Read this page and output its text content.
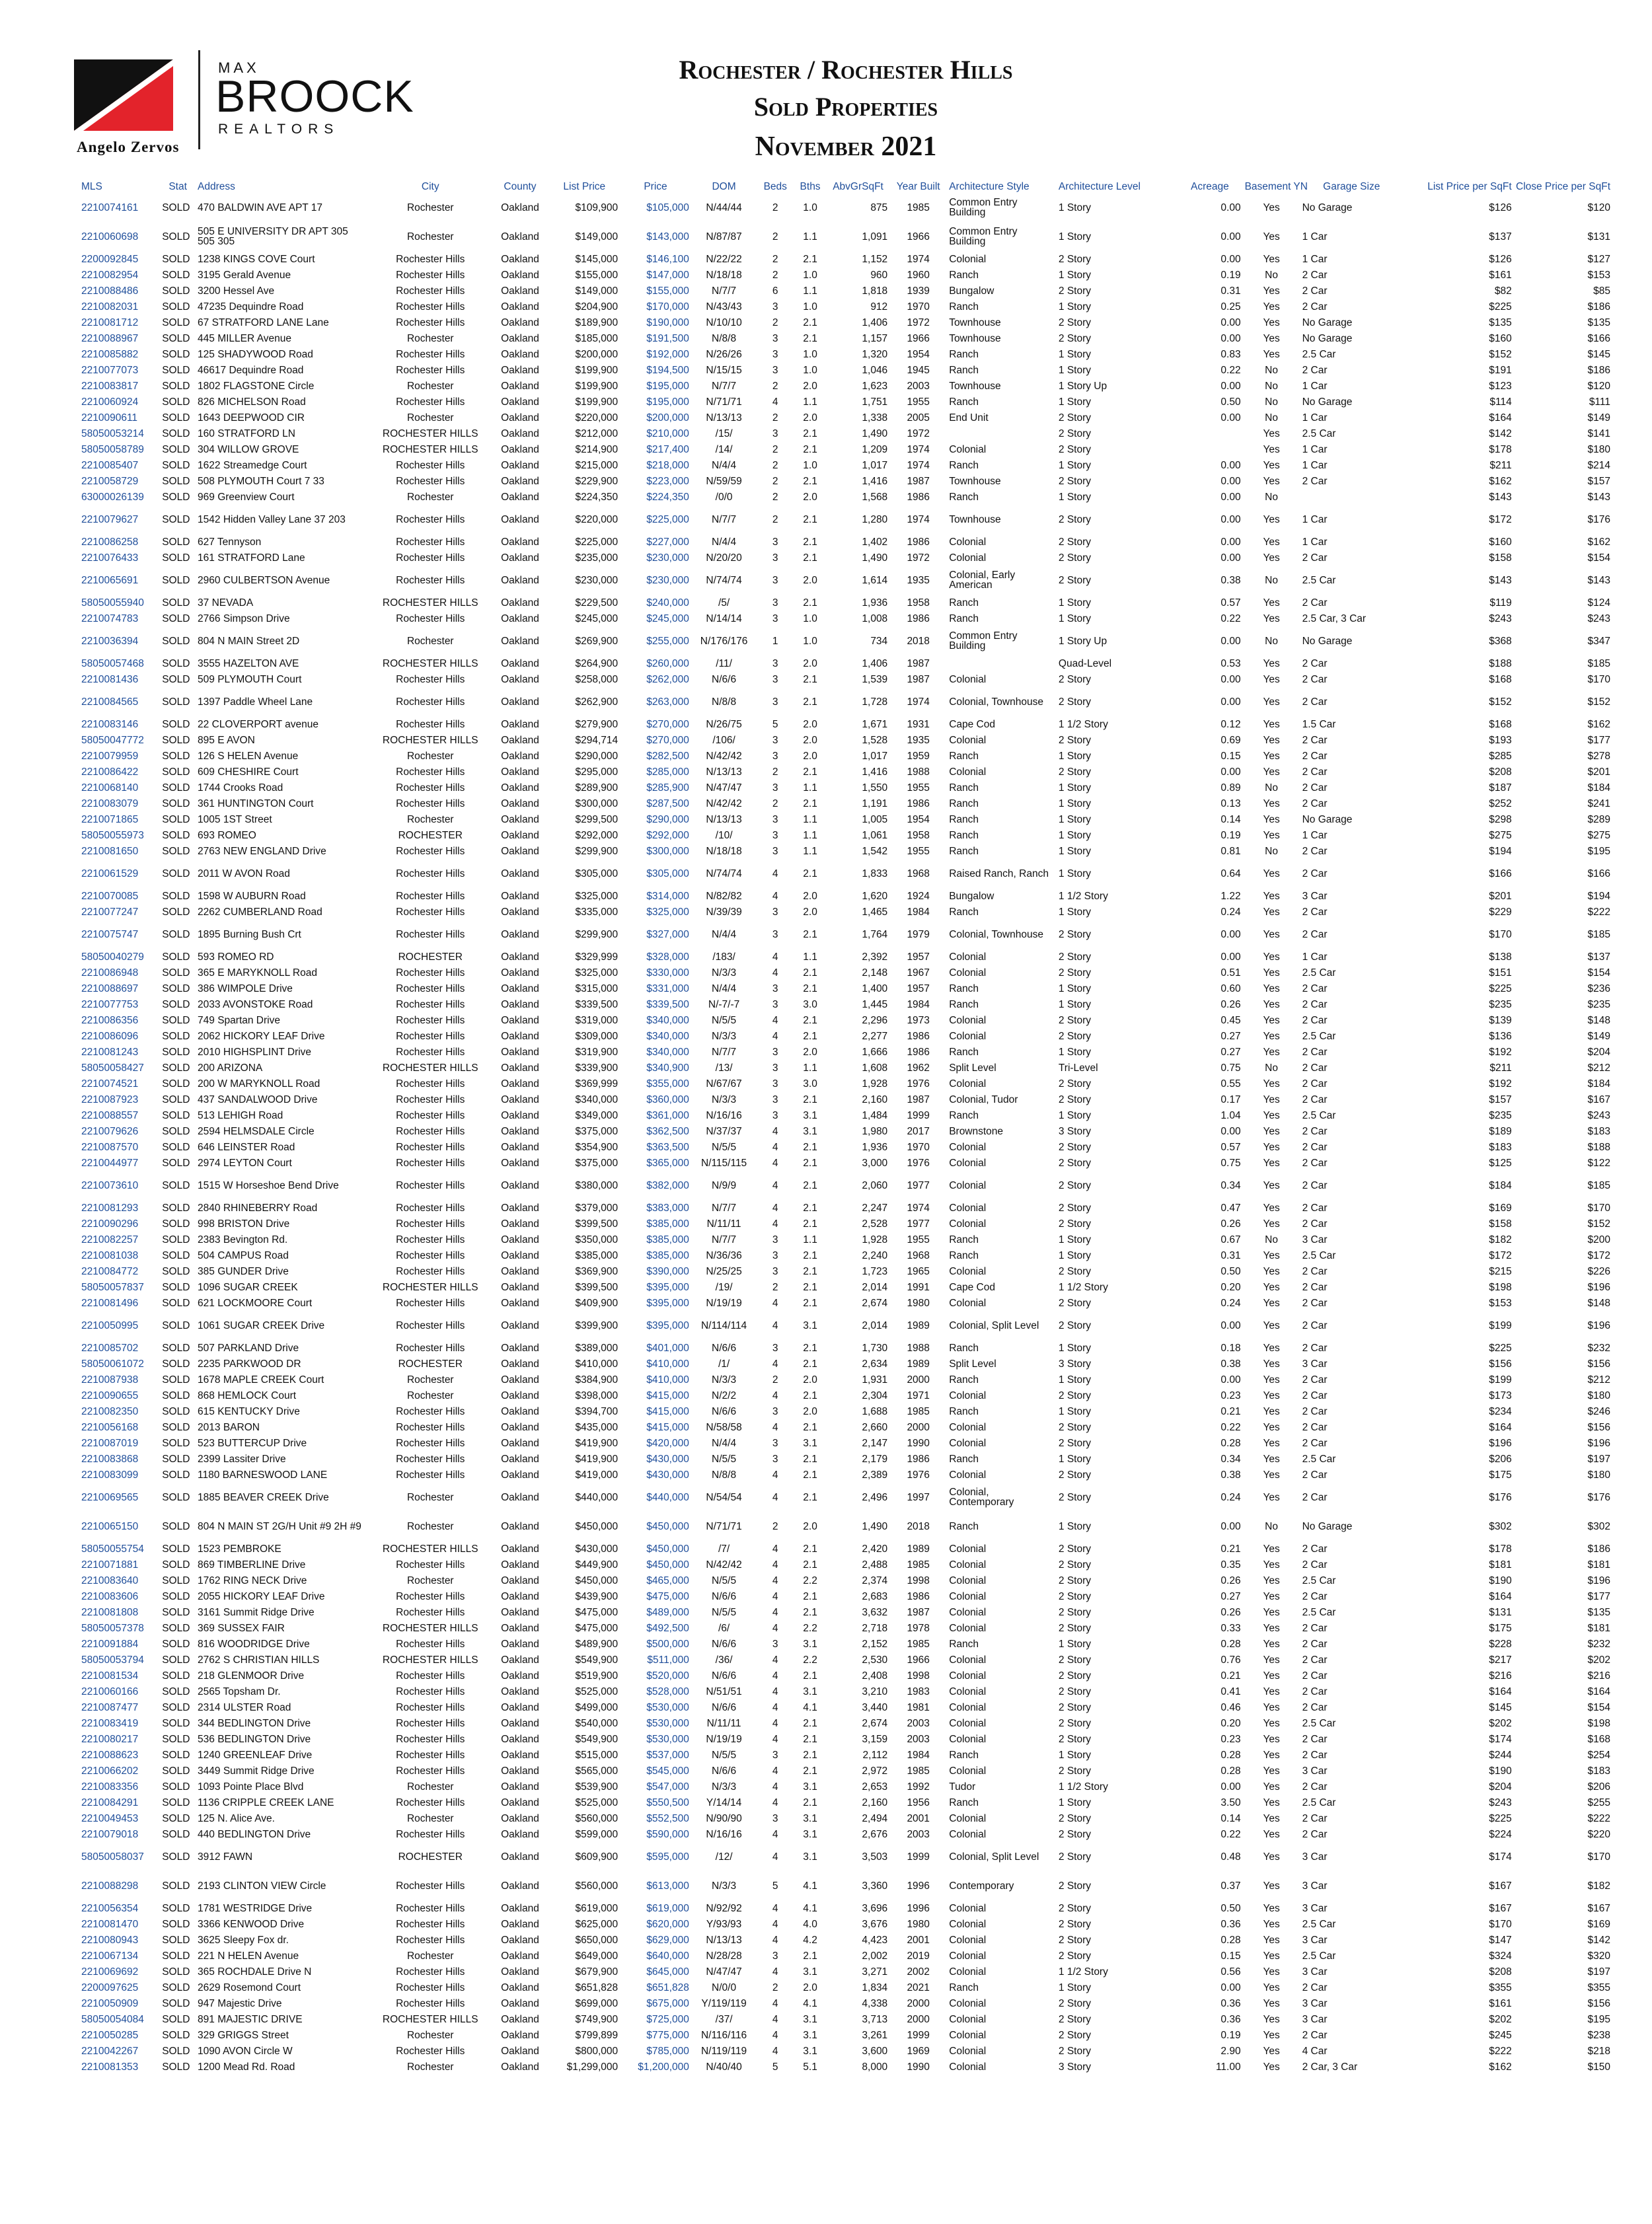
MAX
BROOCK
REALTORS
Angelo Zervos
Rochester / Rochester Hills
Sold Properties
November 2021
MLS	Stat	Address	City	County	List Price	Price	DOM	Beds	Bths	AbvGrSqFt	Year Built	Architecture Style	Architecture Level	Acreage	Basement YN	Garage Size	List Price per SqFt	Close Price per SqFt
2210074161	SOLD	470 BALDWIN AVE APT 17	Rochester	Oakland	$109,900	$105,000	N/44/44	2	1.0	875	1985	Common Entry Building	1 Story	0.00	Yes	No Garage	$126	$120
2210060698	SOLD	505 E UNIVERSITY DR APT 305 505 305	Rochester	Oakland	$149,000	$143,000	N/87/87	2	1.1	1,091	1966	Common Entry Building	1 Story	0.00	Yes	1 Car	$137	$131
2200092845	SOLD	1238 KINGS COVE Court	Rochester Hills	Oakland	$145,000	$146,100	N/22/22	2	2.1	1,152	1974	Colonial	2 Story	0.00	Yes	1 Car	$126	$127
2210082954	SOLD	3195 Gerald Avenue	Rochester Hills	Oakland	$155,000	$147,000	N/18/18	2	1.0	960	1960	Ranch	1 Story	0.19	No	2 Car	$161	$153
2210088486	SOLD	3200 Hessel Ave	Rochester Hills	Oakland	$149,000	$155,000	N/7/7	6	1.1	1,818	1939	Bungalow	2 Story	0.31	Yes	2 Car	$82	$85
2210082031	SOLD	47235 Dequindre Road	Rochester Hills	Oakland	$204,900	$170,000	N/43/43	3	1.0	912	1970	Ranch	1 Story	0.25	Yes	2 Car	$225	$186
2210081712	SOLD	67 STRATFORD LANE Lane	Rochester Hills	Oakland	$189,900	$190,000	N/10/10	2	2.1	1,406	1972	Townhouse	2 Story	0.00	Yes	No Garage	$135	$135
2210088967	SOLD	445 MILLER Avenue	Rochester	Oakland	$185,000	$191,500	N/8/8	3	2.1	1,157	1966	Townhouse	2 Story	0.00	Yes	No Garage	$160	$166
2210085882	SOLD	125 SHADYWOOD Road	Rochester Hills	Oakland	$200,000	$192,000	N/26/26	3	1.0	1,320	1954	Ranch	1 Story	0.83	Yes	2.5 Car	$152	$145
2210077073	SOLD	46617 Dequindre Road	Rochester Hills	Oakland	$199,900	$194,500	N/15/15	3	1.0	1,046	1945	Ranch	1 Story	0.22	No	2 Car	$191	$186
2210083817	SOLD	1802 FLAGSTONE Circle	Rochester	Oakland	$199,900	$195,000	N/7/7	2	2.0	1,623	2003	Townhouse	1 Story Up	0.00	No	1 Car	$123	$120
2210060924	SOLD	826 MICHELSON Road	Rochester Hills	Oakland	$199,900	$195,000	N/71/71	4	1.1	1,751	1955	Ranch	1 Story	0.50	No	No Garage	$114	$111
2210090611	SOLD	1643 DEEPWOOD CIR	Rochester	Oakland	$220,000	$200,000	N/13/13	2	2.0	1,338	2005	End Unit	2 Story	0.00	No	1 Car	$164	$149
58050053214	SOLD	160 STRATFORD LN	ROCHESTER HILLS	Oakland	$212,000	$210,000	/15/	3	2.1	1,490	1972		2 Story		Yes	2.5 Car	$142	$141
58050058789	SOLD	304 WILLOW GROVE	ROCHESTER HILLS	Oakland	$214,900	$217,400	/14/	2	2.1	1,209	1974	Colonial	2 Story		Yes	1 Car	$178	$180
2210085407	SOLD	1622 Streamedge Court	Rochester Hills	Oakland	$215,000	$218,000	N/4/4	2	1.0	1,017	1974	Ranch	1 Story	0.00	Yes	1 Car	$211	$214
2210058729	SOLD	508 PLYMOUTH Court 7 33	Rochester Hills	Oakland	$229,900	$223,000	N/59/59	2	2.1	1,416	1987	Townhouse	2 Story	0.00	Yes	2 Car	$162	$157
63000026139	SOLD	969 Greenview Court	Rochester	Oakland	$224,350	$224,350	/0/0	2	2.0	1,568	1986	Ranch	1 Story	0.00	No		$143	$143
2210079627	SOLD	1542 Hidden Valley Lane 37 203	Rochester Hills	Oakland	$220,000	$225,000	N/7/7	2	2.1	1,280	1974	Townhouse	2 Story	0.00	Yes	1 Car	$172	$176
2210086258	SOLD	627 Tennyson	Rochester Hills	Oakland	$225,000	$227,000	N/4/4	3	2.1	1,402	1986	Colonial	2 Story	0.00	Yes	1 Car	$160	$162
2210076433	SOLD	161 STRATFORD Lane	Rochester Hills	Oakland	$235,000	$230,000	N/20/20	3	2.1	1,490	1972	Colonial	2 Story	0.00	Yes	2 Car	$158	$154
2210065691	SOLD	2960 CULBERTSON Avenue	Rochester Hills	Oakland	$230,000	$230,000	N/74/74	3	2.0	1,614	1935	Colonial, Early American	2 Story	0.38	No	2.5 Car	$143	$143
58050055940	SOLD	37 NEVADA	ROCHESTER HILLS	Oakland	$229,500	$240,000	/5/	3	2.1	1,936	1958	Ranch	1 Story	0.57	Yes	2 Car	$119	$124
2210074783	SOLD	2766 Simpson Drive	Rochester Hills	Oakland	$245,000	$245,000	N/14/14	3	1.0	1,008	1986	Ranch	1 Story	0.22	Yes	2.5 Car, 3 Car	$243	$243
2210036394	SOLD	804 N MAIN Street 2D	Rochester	Oakland	$269,900	$255,000	N/176/176	1	1.0	734	2018	Common Entry Building	1 Story Up	0.00	No	No Garage	$368	$347
58050057468	SOLD	3555 HAZELTON AVE	ROCHESTER HILLS	Oakland	$264,900	$260,000	/11/	3	2.0	1,406	1987		Quad-Level	0.53	Yes	2 Car	$188	$185
2210081436	SOLD	509 PLYMOUTH Court	Rochester Hills	Oakland	$258,000	$262,000	N/6/6	3	2.1	1,539	1987	Colonial	2 Story	0.00	Yes	2 Car	$168	$170
2210084565	SOLD	1397 Paddle Wheel Lane	Rochester Hills	Oakland	$262,900	$263,000	N/8/8	3	2.1	1,728	1974	Colonial, Townhouse	2 Story	0.00	Yes	2 Car	$152	$152
2210083146	SOLD	22 CLOVERPORT avenue	Rochester Hills	Oakland	$279,900	$270,000	N/26/75	5	2.0	1,671	1931	Cape Cod	1 1/2 Story	0.12	Yes	1.5 Car	$168	$162
58050047772	SOLD	895 E AVON	ROCHESTER HILLS	Oakland	$294,714	$270,000	/106/	3	2.0	1,528	1935	Colonial	2 Story	0.69	Yes	2 Car	$193	$177
2210079959	SOLD	126 S HELEN Avenue	Rochester	Oakland	$290,000	$282,500	N/42/42	3	2.0	1,017	1959	Ranch	1 Story	0.15	Yes	2 Car	$285	$278
2210086422	SOLD	609 CHESHIRE Court	Rochester Hills	Oakland	$295,000	$285,000	N/13/13	2	2.1	1,416	1988	Colonial	2 Story	0.00	Yes	2 Car	$208	$201
2210068140	SOLD	1744 Crooks Road	Rochester Hills	Oakland	$289,900	$285,900	N/47/47	3	1.1	1,550	1955	Ranch	1 Story	0.89	No	2 Car	$187	$184
2210083079	SOLD	361 HUNTINGTON Court	Rochester Hills	Oakland	$300,000	$287,500	N/42/42	2	2.1	1,191	1986	Ranch	1 Story	0.13	Yes	2 Car	$252	$241
2210071865	SOLD	1005 1ST Street	Rochester	Oakland	$299,500	$290,000	N/13/13	3	1.1	1,005	1954	Ranch	1 Story	0.14	Yes	No Garage	$298	$289
58050055973	SOLD	693 ROMEO	ROCHESTER	Oakland	$292,000	$292,000	/10/	3	1.1	1,061	1958	Ranch	1 Story	0.19	Yes	1 Car	$275	$275
2210081650	SOLD	2763 NEW ENGLAND Drive	Rochester Hills	Oakland	$299,900	$300,000	N/18/18	3	1.1	1,542	1955	Ranch	1 Story	0.81	No	2 Car	$194	$195
2210061529	SOLD	2011 W AVON Road	Rochester Hills	Oakland	$305,000	$305,000	N/74/74	4	2.1	1,833	1968	Raised Ranch, Ranch	1 Story	0.64	Yes	2 Car	$166	$166
2210070085	SOLD	1598 W AUBURN Road	Rochester Hills	Oakland	$325,000	$314,000	N/82/82	4	2.0	1,620	1924	Bungalow	1 1/2 Story	1.22	Yes	3 Car	$201	$194
2210077247	SOLD	2262 CUMBERLAND Road	Rochester Hills	Oakland	$335,000	$325,000	N/39/39	3	2.0	1,465	1984	Ranch	1 Story	0.24	Yes	2 Car	$229	$222
2210075747	SOLD	1895 Burning Bush Crt	Rochester Hills	Oakland	$299,900	$327,000	N/4/4	3	2.1	1,764	1979	Colonial, Townhouse	2 Story	0.00	Yes	2 Car	$170	$185
58050040279	SOLD	593 ROMEO RD	ROCHESTER	Oakland	$329,999	$328,000	/183/	4	1.1	2,392	1957	Colonial	2 Story	0.00	Yes	1 Car	$138	$137
2210086948	SOLD	365 E MARYKNOLL Road	Rochester Hills	Oakland	$325,000	$330,000	N/3/3	4	2.1	2,148	1967	Colonial	2 Story	0.51	Yes	2.5 Car	$151	$154
2210088697	SOLD	386 WIMPOLE Drive	Rochester Hills	Oakland	$315,000	$331,000	N/4/4	3	2.1	1,400	1957	Ranch	1 Story	0.60	Yes	2 Car	$225	$236
2210077753	SOLD	2033 AVONSTOKE Road	Rochester Hills	Oakland	$339,500	$339,500	N/-7/-7	3	3.0	1,445	1984	Ranch	1 Story	0.26	Yes	2 Car	$235	$235
2210086356	SOLD	749 Spartan Drive	Rochester Hills	Oakland	$319,000	$340,000	N/5/5	4	2.1	2,296	1973	Colonial	2 Story	0.45	Yes	2 Car	$139	$148
2210086096	SOLD	2062 HICKORY LEAF Drive	Rochester Hills	Oakland	$309,000	$340,000	N/3/3	4	2.1	2,277	1986	Colonial	2 Story	0.27	Yes	2.5 Car	$136	$149
2210081243	SOLD	2010 HIGHSPLINT Drive	Rochester Hills	Oakland	$319,900	$340,000	N/7/7	3	2.0	1,666	1986	Ranch	1 Story	0.27	Yes	2 Car	$192	$204
58050058427	SOLD	200 ARIZONA	ROCHESTER HILLS	Oakland	$339,900	$340,900	/13/	3	1.1	1,608	1962	Split Level	Tri-Level	0.75	No	2 Car	$211	$212
2210074521	SOLD	200 W MARYKNOLL Road	Rochester Hills	Oakland	$369,999	$355,000	N/67/67	3	3.0	1,928	1976	Colonial	2 Story	0.55	Yes	2 Car	$192	$184
2210087923	SOLD	437 SANDALWOOD Drive	Rochester Hills	Oakland	$340,000	$360,000	N/3/3	3	2.1	2,160	1987	Colonial, Tudor	2 Story	0.17	Yes	2 Car	$157	$167
2210088557	SOLD	513 LEHIGH Road	Rochester Hills	Oakland	$349,000	$361,000	N/16/16	3	3.1	1,484	1999	Ranch	1 Story	1.04	Yes	2.5 Car	$235	$243
2210079626	SOLD	2594 HELMSDALE Circle	Rochester Hills	Oakland	$375,000	$362,500	N/37/37	4	3.1	1,980	2017	Brownstone	3 Story	0.00	Yes	2 Car	$189	$183
2210087570	SOLD	646 LEINSTER Road	Rochester Hills	Oakland	$354,900	$363,500	N/5/5	4	2.1	1,936	1970	Colonial	2 Story	0.57	Yes	2 Car	$183	$188
2210044977	SOLD	2974 LEYTON Court	Rochester Hills	Oakland	$375,000	$365,000	N/115/115	4	2.1	3,000	1976	Colonial	2 Story	0.75	Yes	2 Car	$125	$122
2210073610	SOLD	1515 W Horseshoe Bend Drive	Rochester Hills	Oakland	$380,000	$382,000	N/9/9	4	2.1	2,060	1977	Colonial	2 Story	0.34	Yes	2 Car	$184	$185
2210081293	SOLD	2840 RHINEBERRY Road	Rochester Hills	Oakland	$379,000	$383,000	N/7/7	4	2.1	2,247	1974	Colonial	2 Story	0.47	Yes	2 Car	$169	$170
2210090296	SOLD	998 BRISTON Drive	Rochester Hills	Oakland	$399,500	$385,000	N/11/11	4	2.1	2,528	1977	Colonial	2 Story	0.26	Yes	2 Car	$158	$152
2210082257	SOLD	2383 Bevington Rd.	Rochester Hills	Oakland	$350,000	$385,000	N/7/7	3	1.1	1,928	1955	Ranch	1 Story	0.67	No	3 Car	$182	$200
2210081038	SOLD	504 CAMPUS Road	Rochester Hills	Oakland	$385,000	$385,000	N/36/36	3	2.1	2,240	1968	Ranch	1 Story	0.31	Yes	2.5 Car	$172	$172
2210084772	SOLD	385 GUNDER Drive	Rochester Hills	Oakland	$369,900	$390,000	N/25/25	3	2.1	1,723	1965	Colonial	2 Story	0.50	Yes	2 Car	$215	$226
58050057837	SOLD	1096 SUGAR CREEK	ROCHESTER HILLS	Oakland	$399,500	$395,000	/19/	2	2.1	2,014	1991	Cape Cod	1 1/2 Story	0.20	Yes	2 Car	$198	$196
2210081496	SOLD	621 LOCKMOORE Court	Rochester Hills	Oakland	$409,900	$395,000	N/19/19	4	2.1	2,674	1980	Colonial	2 Story	0.24	Yes	2 Car	$153	$148
2210050995	SOLD	1061 SUGAR CREEK Drive	Rochester Hills	Oakland	$399,900	$395,000	N/114/114	4	3.1	2,014	1989	Colonial, Split Level	2 Story	0.00	Yes	2 Car	$199	$196
2210085702	SOLD	507 PARKLAND Drive	Rochester Hills	Oakland	$389,000	$401,000	N/6/6	3	2.1	1,730	1988	Ranch	1 Story	0.18	Yes	2 Car	$225	$232
58050061072	SOLD	2235 PARKWOOD DR	ROCHESTER	Oakland	$410,000	$410,000	/1/	4	2.1	2,634	1989	Split Level	3 Story	0.38	Yes	3 Car	$156	$156
2210087938	SOLD	1678 MAPLE CREEK Court	Rochester	Oakland	$384,900	$410,000	N/3/3	2	2.0	1,931	2000	Ranch	1 Story	0.00	Yes	2 Car	$199	$212
2210090655	SOLD	868 HEMLOCK Court	Rochester	Oakland	$398,000	$415,000	N/2/2	4	2.1	2,304	1971	Colonial	2 Story	0.23	Yes	2 Car	$173	$180
2210082350	SOLD	615 KENTUCKY Drive	Rochester Hills	Oakland	$394,700	$415,000	N/6/6	3	2.0	1,688	1985	Ranch	1 Story	0.21	Yes	2 Car	$234	$246
2210056168	SOLD	2013 BARON	Rochester Hills	Oakland	$435,000	$415,000	N/58/58	4	2.1	2,660	2000	Colonial	2 Story	0.22	Yes	2 Car	$164	$156
2210087019	SOLD	523 BUTTERCUP Drive	Rochester Hills	Oakland	$419,900	$420,000	N/4/4	3	3.1	2,147	1990	Colonial	2 Story	0.28	Yes	2 Car	$196	$196
2210083868	SOLD	2399 Lassiter Drive	Rochester Hills	Oakland	$419,900	$430,000	N/5/5	3	2.1	2,179	1986	Ranch	1 Story	0.34	Yes	2.5 Car	$206	$197
2210083099	SOLD	1180 BARNESWOOD LANE	Rochester Hills	Oakland	$419,000	$430,000	N/8/8	4	2.1	2,389	1976	Colonial	2 Story	0.38	Yes	2 Car	$175	$180
2210069565	SOLD	1885 BEAVER CREEK Drive	Rochester	Oakland	$440,000	$440,000	N/54/54	4	2.1	2,496	1997	Colonial, Contemporary	2 Story	0.24	Yes	2 Car	$176	$176
2210065150	SOLD	804 N MAIN ST 2G/H Unit #9 2H #9	Rochester	Oakland	$450,000	$450,000	N/71/71	2	2.0	1,490	2018	Ranch	1 Story	0.00	No	No Garage	$302	$302
58050055754	SOLD	1523 PEMBROKE	ROCHESTER HILLS	Oakland	$430,000	$450,000	/7/	4	2.1	2,420	1989	Colonial	2 Story	0.21	Yes	2 Car	$178	$186
2210071881	SOLD	869 TIMBERLINE Drive	Rochester Hills	Oakland	$449,900	$450,000	N/42/42	4	2.1	2,488	1985	Colonial	2 Story	0.35	Yes	2 Car	$181	$181
2210083640	SOLD	1762 RING NECK Drive	Rochester	Oakland	$450,000	$465,000	N/5/5	4	2.2	2,374	1998	Colonial	2 Story	0.26	Yes	2.5 Car	$190	$196
2210083606	SOLD	2055 HICKORY LEAF Drive	Rochester Hills	Oakland	$439,900	$475,000	N/6/6	4	2.1	2,683	1986	Colonial	2 Story	0.27	Yes	2 Car	$164	$177
2210081808	SOLD	3161 Summit Ridge Drive	Rochester Hills	Oakland	$475,000	$489,000	N/5/5	4	2.1	3,632	1987	Colonial	2 Story	0.26	Yes	2.5 Car	$131	$135
58050057378	SOLD	369 SUSSEX FAIR	ROCHESTER HILLS	Oakland	$475,000	$492,500	/6/	4	2.2	2,718	1978	Colonial	2 Story	0.33	Yes	2 Car	$175	$181
2210091884	SOLD	816 WOODRIDGE Drive	Rochester Hills	Oakland	$489,900	$500,000	N/6/6	3	3.1	2,152	1985	Ranch	1 Story	0.28	Yes	2 Car	$228	$232
58050053794	SOLD	2762 S CHRISTIAN HILLS	ROCHESTER HILLS	Oakland	$549,900	$511,000	/36/	4	2.2	2,530	1966	Colonial	2 Story	0.76	Yes	2 Car	$217	$202
2210081534	SOLD	218 GLENMOOR Drive	Rochester Hills	Oakland	$519,900	$520,000	N/6/6	4	2.1	2,408	1998	Colonial	2 Story	0.21	Yes	2 Car	$216	$216
2210060166	SOLD	2565 Topsham Dr.	Rochester Hills	Oakland	$525,000	$528,000	N/51/51	4	3.1	3,210	1983	Colonial	2 Story	0.41	Yes	2 Car	$164	$164
2210087477	SOLD	2314 ULSTER Road	Rochester Hills	Oakland	$499,000	$530,000	N/6/6	4	4.1	3,440	1981	Colonial	2 Story	0.46	Yes	2 Car	$145	$154
2210083419	SOLD	344 BEDLINGTON Drive	Rochester Hills	Oakland	$540,000	$530,000	N/11/11	4	2.1	2,674	2003	Colonial	2 Story	0.20	Yes	2.5 Car	$202	$198
2210080217	SOLD	536 BEDLINGTON Drive	Rochester Hills	Oakland	$549,900	$530,000	N/19/19	4	2.1	3,159	2003	Colonial	2 Story	0.23	Yes	2 Car	$174	$168
2210088623	SOLD	1240 GREENLEAF Drive	Rochester Hills	Oakland	$515,000	$537,000	N/5/5	3	2.1	2,112	1984	Ranch	1 Story	0.28	Yes	2 Car	$244	$254
2210066202	SOLD	3449 Summit Ridge Drive	Rochester Hills	Oakland	$565,000	$545,000	N/6/6	4	2.1	2,972	1985	Colonial	2 Story	0.28	Yes	3 Car	$190	$183
2210083356	SOLD	1093 Pointe Place Blvd	Rochester	Oakland	$539,900	$547,000	N/3/3	4	3.1	2,653	1992	Tudor	1 1/2 Story	0.00	Yes	2 Car	$204	$206
2210084291	SOLD	1136 CRIPPLE CREEK LANE	Rochester Hills	Oakland	$525,000	$550,500	Y/14/14	4	2.1	2,160	1956	Ranch	1 Story	3.50	Yes	2.5 Car	$243	$255
2210049453	SOLD	125 N. Alice Ave.	Rochester	Oakland	$560,000	$552,500	N/90/90	3	3.1	2,494	2001	Colonial	2 Story	0.14	Yes	2 Car	$225	$222
2210079018	SOLD	440 BEDLINGTON Drive	Rochester Hills	Oakland	$599,000	$590,000	N/16/16	4	3.1	2,676	2003	Colonial	2 Story	0.22	Yes	2 Car	$224	$220
58050058037	SOLD	3912 FAWN	ROCHESTER	Oakland	$609,900	$595,000	/12/	4	3.1	3,503	1999	Colonial, Split Level	2 Story	0.48	Yes	3 Car	$174	$170
2210088298	SOLD	2193 CLINTON VIEW Circle	Rochester Hills	Oakland	$560,000	$613,000	N/3/3	5	4.1	3,360	1996	Contemporary	2 Story	0.37	Yes	3 Car	$167	$182
2210056354	SOLD	1781 WESTRIDGE Drive	Rochester Hills	Oakland	$619,000	$619,000	N/92/92	4	4.1	3,696	1996	Colonial	2 Story	0.50	Yes	3 Car	$167	$167
2210081470	SOLD	3366 KENWOOD Drive	Rochester Hills	Oakland	$625,000	$620,000	Y/93/93	4	4.0	3,676	1980	Colonial	2 Story	0.36	Yes	2.5 Car	$170	$169
2210080943	SOLD	3625 Sleepy Fox dr.	Rochester Hills	Oakland	$650,000	$629,000	N/13/13	4	4.2	4,423	2001	Colonial	2 Story	0.28	Yes	3 Car	$147	$142
2210067134	SOLD	221 N HELEN Avenue	Rochester	Oakland	$649,000	$640,000	N/28/28	3	2.1	2,002	2019	Colonial	2 Story	0.15	Yes	2.5 Car	$324	$320
2210069692	SOLD	365 ROCHDALE Drive N	Rochester Hills	Oakland	$679,900	$645,000	N/47/47	4	3.1	3,271	2002	Colonial	1 1/2 Story	0.56	Yes	3 Car	$208	$197
2200097625	SOLD	2629 Rosemond Court	Rochester Hills	Oakland	$651,828	$651,828	N/0/0	2	2.0	1,834	2021	Ranch	1 Story	0.00	Yes	2 Car	$355	$355
2210050909	SOLD	947 Majestic Drive	Rochester Hills	Oakland	$699,000	$675,000	Y/119/119	4	4.1	4,338	2000	Colonial	2 Story	0.36	Yes	3 Car	$161	$156
58050054084	SOLD	891 MAJESTIC DRIVE	ROCHESTER HILLS	Oakland	$749,900	$725,000	/37/	4	3.1	3,713	2000	Colonial	2 Story	0.36	Yes	3 Car	$202	$195
2210050285	SOLD	329 GRIGGS Street	Rochester	Oakland	$799,899	$775,000	N/116/116	4	3.1	3,261	1999	Colonial	2 Story	0.19	Yes	2 Car	$245	$238
2210042267	SOLD	1090 AVON Circle W	Rochester Hills	Oakland	$800,000	$785,000	N/119/119	4	3.1	3,600	1969	Colonial	2 Story	2.90	Yes	4 Car	$222	$218
2210081353	SOLD	1200 Mead Rd. Road	Rochester	Oakland	$1,299,000	$1,200,000	N/40/40	5	5.1	8,000	1990	Colonial	3 Story	11.00	Yes	2 Car, 3 Car	$162	$150
